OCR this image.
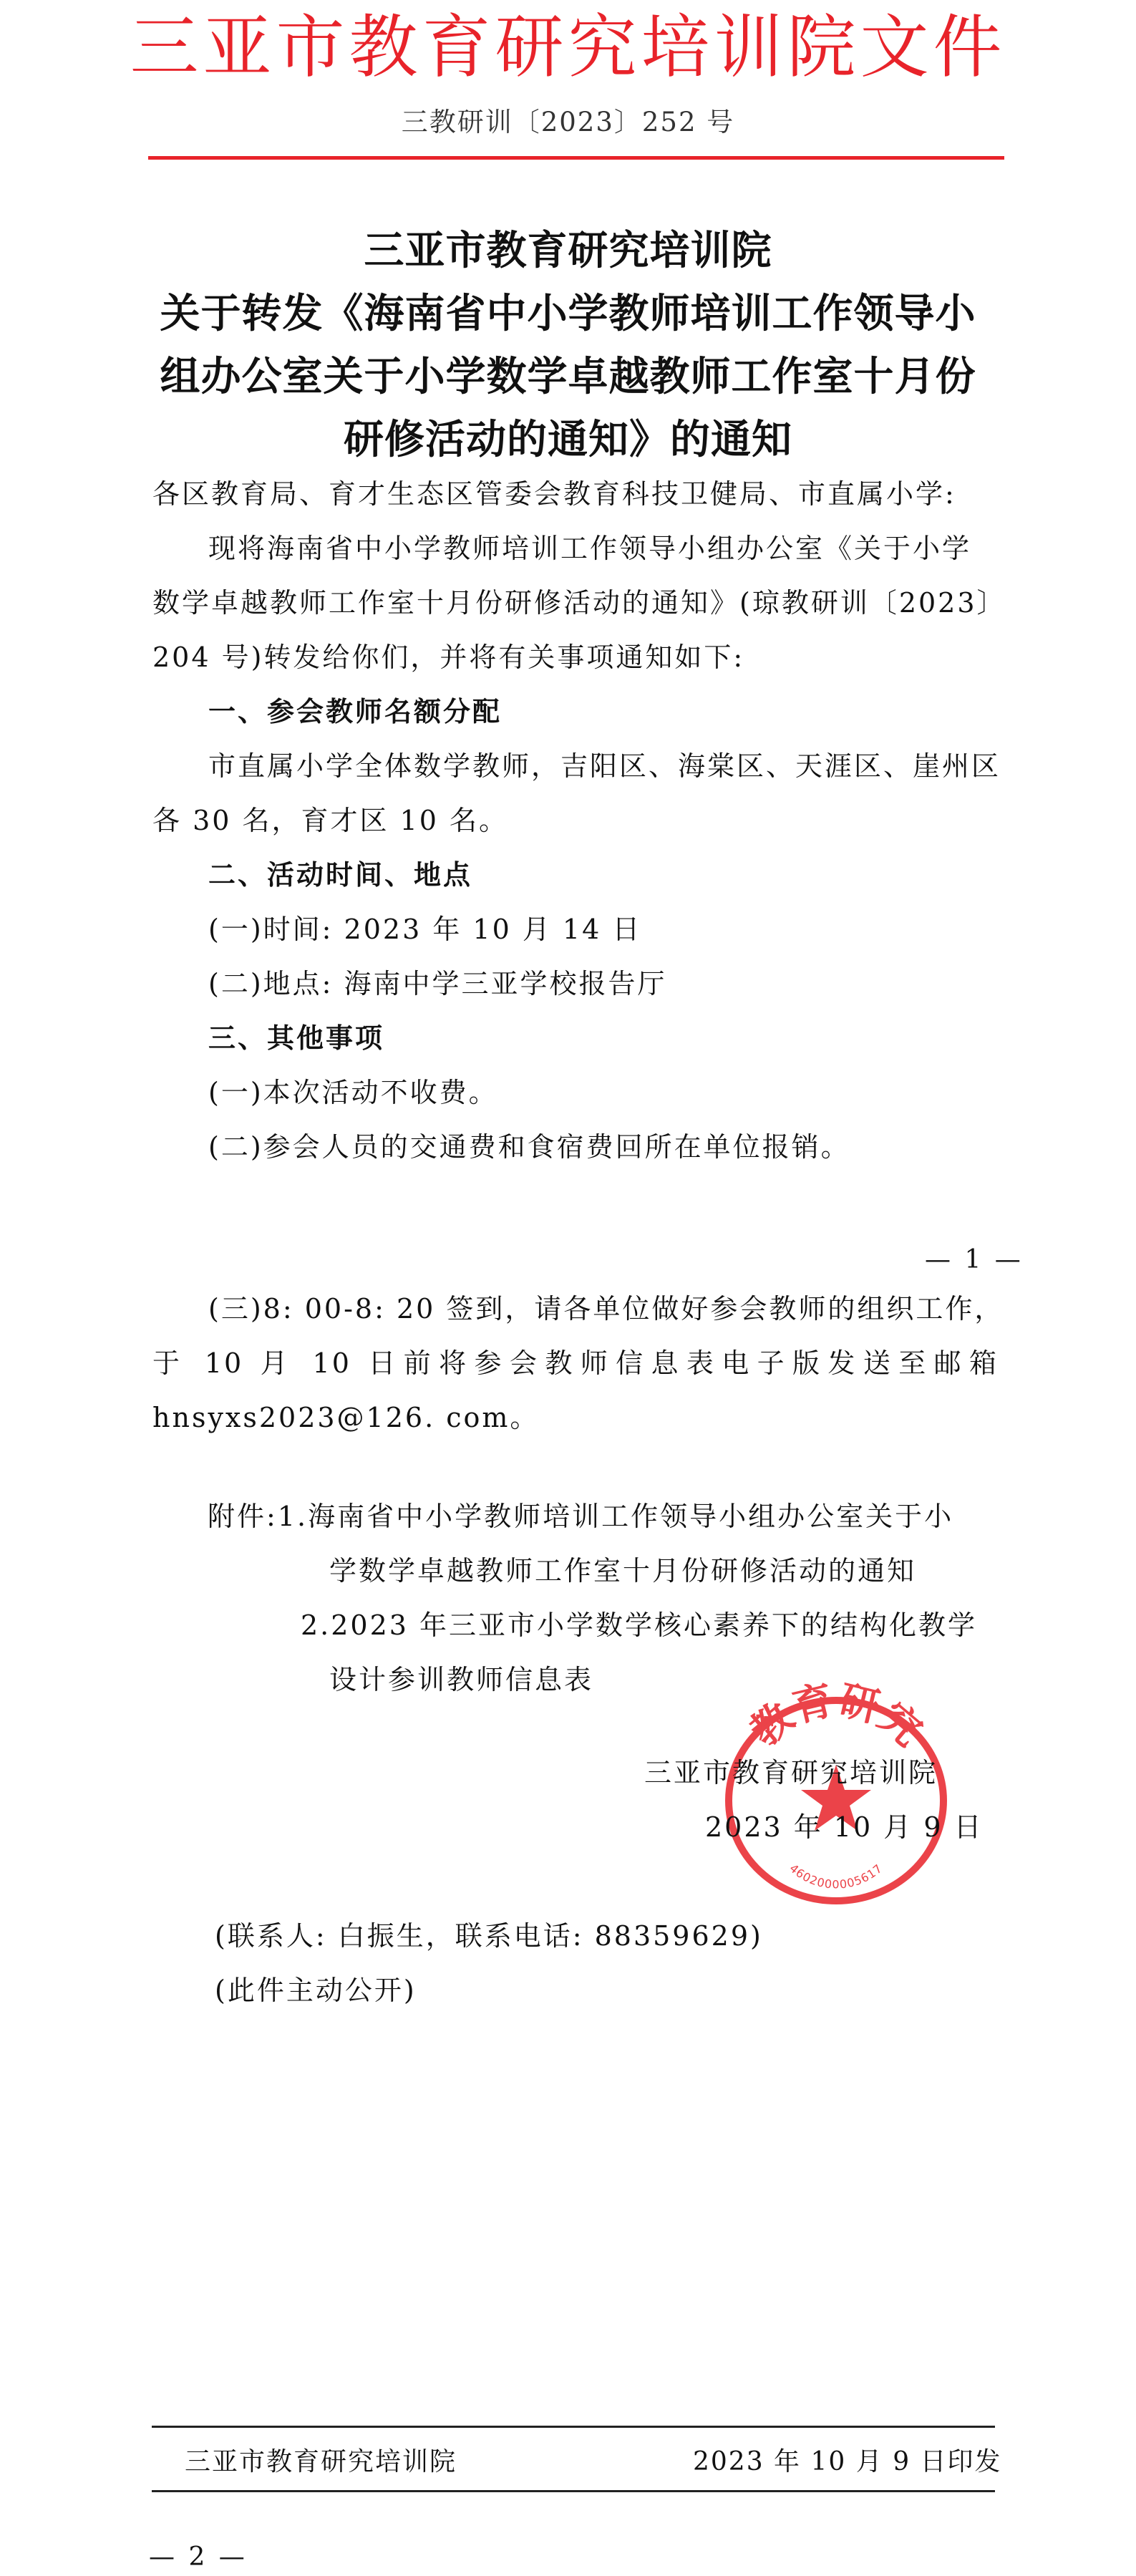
三亚市教育研究培训院文件
三教研训〔2023〕252 号
三亚市教育研究培训院
关于转发《海南省中小学教师培训工作领导小
组办公室关于小学数学卓越教师工作室十月份
研修活动的通知》的通知
各区教育局、育才生态区管委会教育科技卫健局、市直属小学:
现将海南省中小学教师培训工作领导小组办公室《关于小学
数学卓越教师工作室十月份研修活动的通知》(琼教研训〔2023〕
204 号)转发给你们，并将有关事项通知如下:
一、参会教师名额分配
市直属小学全体数学教师，吉阳区、海棠区、天涯区、崖州区
各 30 名，育才区 10 名。
二、活动时间、地点
(一)时间: 2023 年 10 月 14 日
(二)地点: 海南中学三亚学校报告厅
三、其他事项
(一)本次活动不收费。
(二)参会人员的交通费和食宿费回所在单位报销。
— 1 —
(三)8: 00-8: 20 签到，请各单位做好参会教师的组织工作，
于 10 月 10 日前将参会教师信息表电子版发送至邮箱
hnsyxs2023@126. com。
附件:1.海南省中小学教师培训工作领导小组办公室关于小
学数学卓越教师工作室十月份研修活动的通知
2.2023 年三亚市小学数学核心素养下的结构化教学
设计参训教师信息表
教育研究
4602000005617
三亚市教育研究培训院
2023 年 10 月 9 日
(联系人: 白振生，联系电话: 88359629)
(此件主动公开)
三亚市教育研究培训院	2023 年 10 月 9 日印发
— 2 —
